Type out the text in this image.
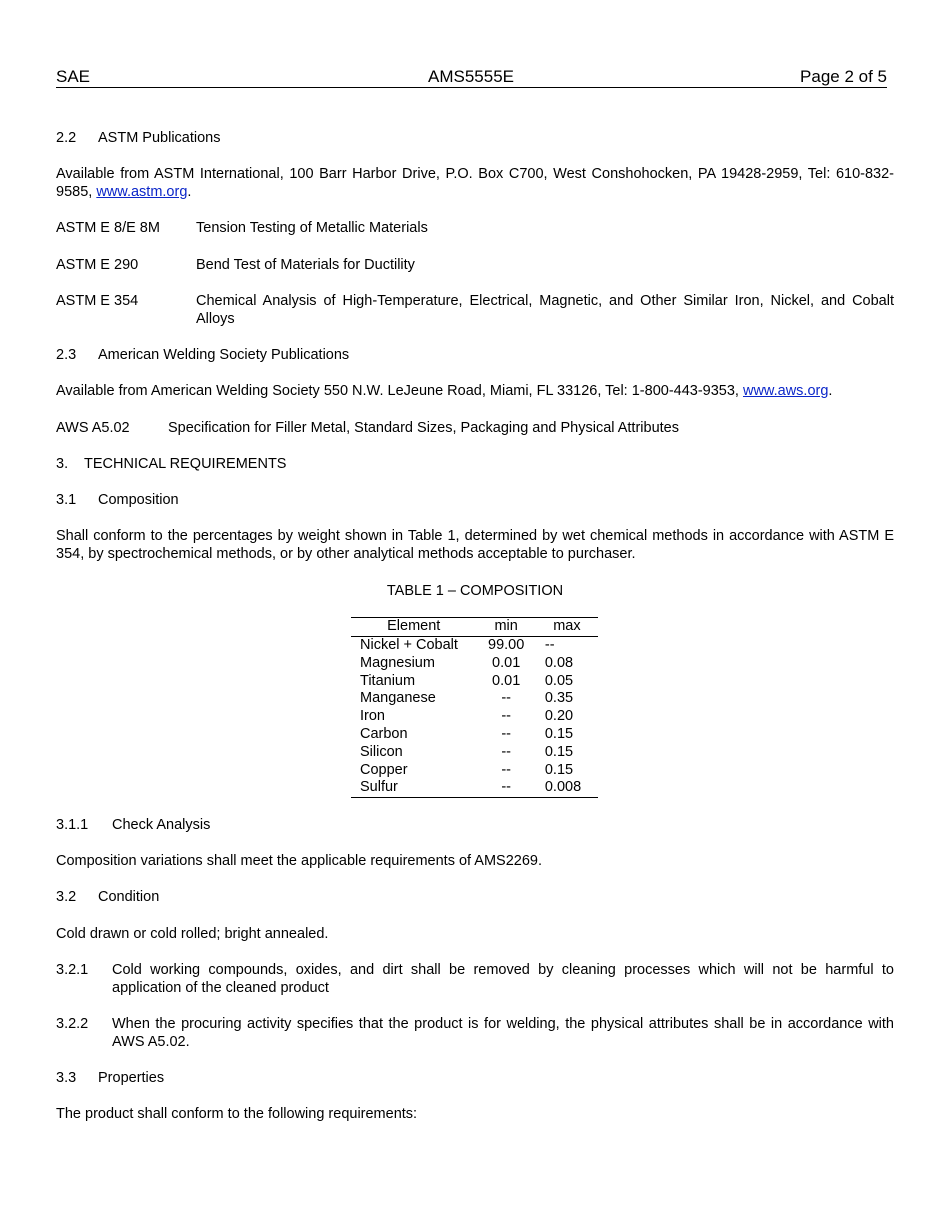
SAE	AMS5555E	Page 2 of 5
2.2 ASTM Publications
Available from ASTM International, 100 Barr Harbor Drive, P.O. Box C700, West Conshohocken, PA 19428-2959, Tel: 610-832-9585, www.astm.org.
ASTM E 8/E 8M	Tension Testing of Metallic Materials
ASTM E 290	Bend Test of Materials for Ductility
ASTM E 354	Chemical Analysis of High-Temperature, Electrical, Magnetic, and Other Similar Iron, Nickel, and Cobalt Alloys
2.3 American Welding Society Publications
Available from American Welding Society 550 N.W. LeJeune Road, Miami, FL 33126, Tel: 1-800-443-9353, www.aws.org.
AWS A5.02	Specification for Filler Metal, Standard Sizes, Packaging and Physical Attributes
3. TECHNICAL REQUIREMENTS
3.1 Composition
Shall conform to the percentages by weight shown in Table 1, determined by wet chemical methods in accordance with ASTM E 354, by spectrochemical methods, or by other analytical methods acceptable to purchaser.
TABLE 1 – COMPOSITION
Element	min	max
Nickel + Cobalt	99.00	--
Magnesium	0.01	0.08
Titanium	0.01	0.05
Manganese	--	0.35
Iron	--	0.20
Carbon	--	0.15
Silicon	--	0.15
Copper	--	0.15
Sulfur	--	0.008
3.1.1 Check Analysis
Composition variations shall meet the applicable requirements of AMS2269.
3.2 Condition
Cold drawn or cold rolled; bright annealed.
3.2.1	Cold working compounds, oxides, and dirt shall be removed by cleaning processes which will not be harmful to application of the cleaned product
3.2.2	When the procuring activity specifies that the product is for welding, the physical attributes shall be in accordance with AWS A5.02.
3.3 Properties
The product shall conform to the following requirements:
